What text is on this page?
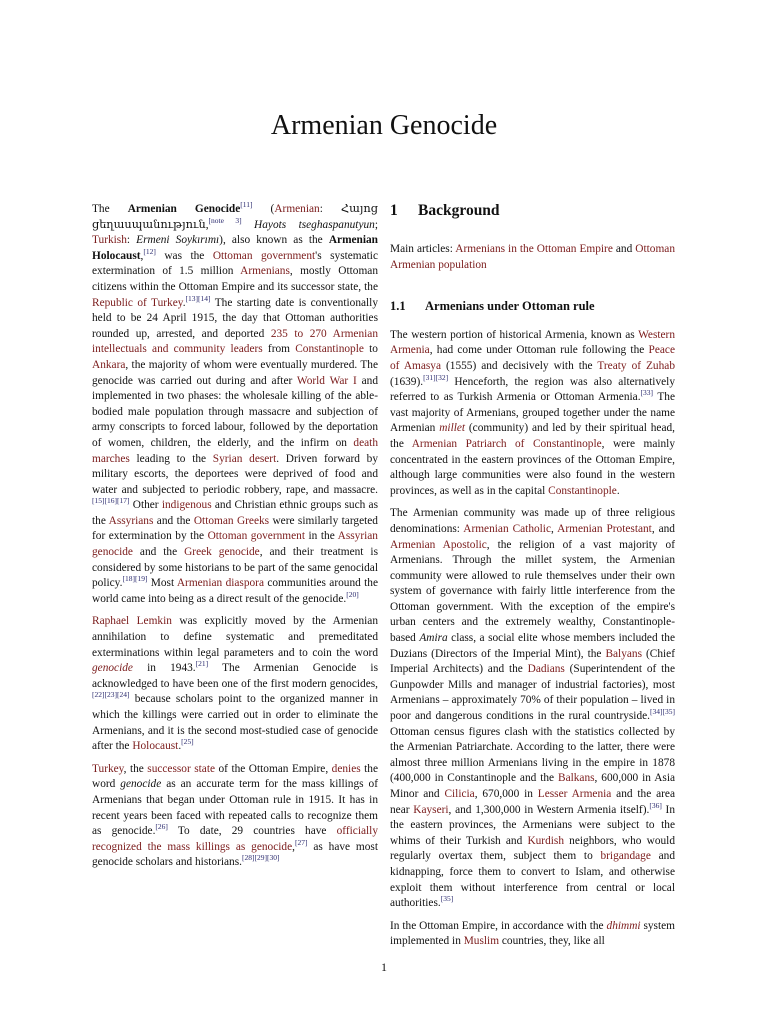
Armenian Genocide

The Armenian Genocide[11] (Armenian: Հայոց ցեղասպանություն,[note 3] Hayots tseghaspanutyun; Turkish: Ermeni Soykırımı), also known as the Armenian Holocaust,[12] was the Ottoman government's systematic extermination of 1.5 million Armenians, mostly Ottoman citizens within the Ottoman Empire and its successor state, the Republic of Turkey.[13][14] The starting date is conventionally held to be 24 April 1915, the day that Ottoman authorities rounded up, arrested, and deported 235 to 270 Armenian intellectuals and community leaders from Constantinople to Ankara, the majority of whom were eventually murdered. The genocide was carried out during and after World War I and implemented in two phases: the wholesale killing of the able-bodied male population through massacre and subjection of army conscripts to forced labour, followed by the deportation of women, children, the elderly, and the infirm on death marches leading to the Syrian desert. Driven forward by military escorts, the deportees were deprived of food and water and subjected to periodic robbery, rape, and massacre.[15][16][17] Other indigenous and Christian ethnic groups such as the Assyrians and the Ottoman Greeks were similarly targeted for extermination by the Ottoman government in the Assyrian genocide and the Greek genocide, and their treatment is considered by some historians to be part of the same genocidal policy.[18][19] Most Armenian diaspora communities around the world came into being as a direct result of the genocide.[20]

Raphael Lemkin was explicitly moved by the Armenian annihilation to define systematic and premeditated exterminations within legal parameters and to coin the word genocide in 1943.[21] The Armenian Genocide is acknowledged to have been one of the first modern genocides,[22][23][24] because scholars point to the organized manner in which the killings were carried out in order to eliminate the Armenians, and it is the second most-studied case of genocide after the Holocaust.[25]

Turkey, the successor state of the Ottoman Empire, denies the word genocide as an accurate term for the mass killings of Armenians that began under Ottoman rule in 1915. It has in recent years been faced with repeated calls to recognize them as genocide.[26] To date, 29 countries have officially recognized the mass killings as genocide,[27] as have most genocide scholars and historians.[28][29][30]

1 Background

Main articles: Armenians in the Ottoman Empire and Ottoman Armenian population

1.1 Armenians under Ottoman rule

The western portion of historical Armenia, known as Western Armenia, had come under Ottoman rule following the Peace of Amasya (1555) and decisively with the Treaty of Zuhab (1639).[31][32] Henceforth, the region was also alternatively referred to as Turkish Armenia or Ottoman Armenia.[33] The vast majority of Armenians, grouped together under the name Armenian millet (community) and led by their spiritual head, the Armenian Patriarch of Constantinople, were mainly concentrated in the eastern provinces of the Ottoman Empire, although large communities were also found in the western provinces, as well as in the capital Constantinople.

The Armenian community was made up of three religious denominations: Armenian Catholic, Armenian Protestant, and Armenian Apostolic, the religion of a vast majority of Armenians. Through the millet system, the Armenian community were allowed to rule themselves under their own system of governance with fairly little interference from the Ottoman government. With the exception of the empire's urban centers and the extremely wealthy, Constantinople-based Amira class, a social elite whose members included the Duzians (Directors of the Imperial Mint), the Balyans (Chief Imperial Architects) and the Dadians (Superintendent of the Gunpowder Mills and manager of industrial factories), most Armenians – approximately 70% of their population – lived in poor and dangerous conditions in the rural countryside.[34][35] Ottoman census figures clash with the statistics collected by the Armenian Patriarchate. According to the latter, there were almost three million Armenians living in the empire in 1878 (400,000 in Constantinople and the Balkans, 600,000 in Asia Minor and Cilicia, 670,000 in Lesser Armenia and the area near Kayseri, and 1,300,000 in Western Armenia itself).[36] In the eastern provinces, the Armenians were subject to the whims of their Turkish and Kurdish neighbors, who would regularly overtax them, subject them to brigandage and kidnapping, force them to convert to Islam, and otherwise exploit them without interference from central or local authorities.[35]

In the Ottoman Empire, in accordance with the dhimmi system implemented in Muslim countries, they, like all

1
